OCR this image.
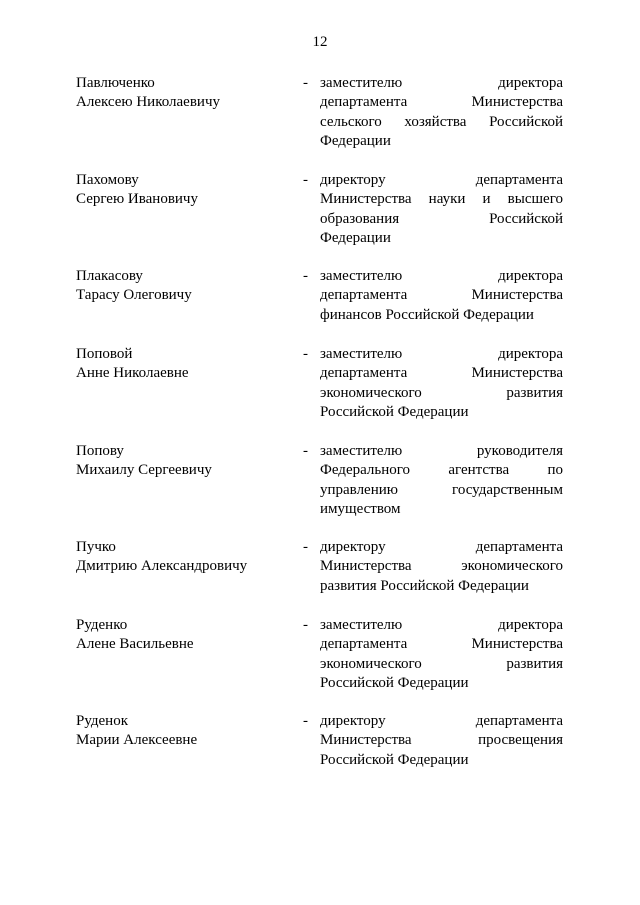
12
Павлюченко
Алексею Николаевичу
- заместителю директора
департамента Министерства
сельского хозяйства Российской
Федерации
Пахомову
Сергею Ивановичу
- директору департамента
Министерства науки и высшего
образования Российской
Федерации
Плакасову
Тарасу Олеговичу
- заместителю директора
департамента Министерства
финансов Российской Федерации
Поповой
Анне Николаевне
- заместителю директора
департамента Министерства
экономического развития
Российской Федерации
Попову
Михаилу Сергеевичу
- заместителю руководителя
Федерального агентства по
управлению государственным
имуществом
Пучко
Дмитрию Александровичу
- директору департамента
Министерства экономического
развития Российской Федерации
Руденко
Алене Васильевне
- заместителю директора
департамента Министерства
экономического развития
Российской Федерации
Руденок
Марии Алексеевне
- директору департамента
Министерства просвещения
Российской Федерации
